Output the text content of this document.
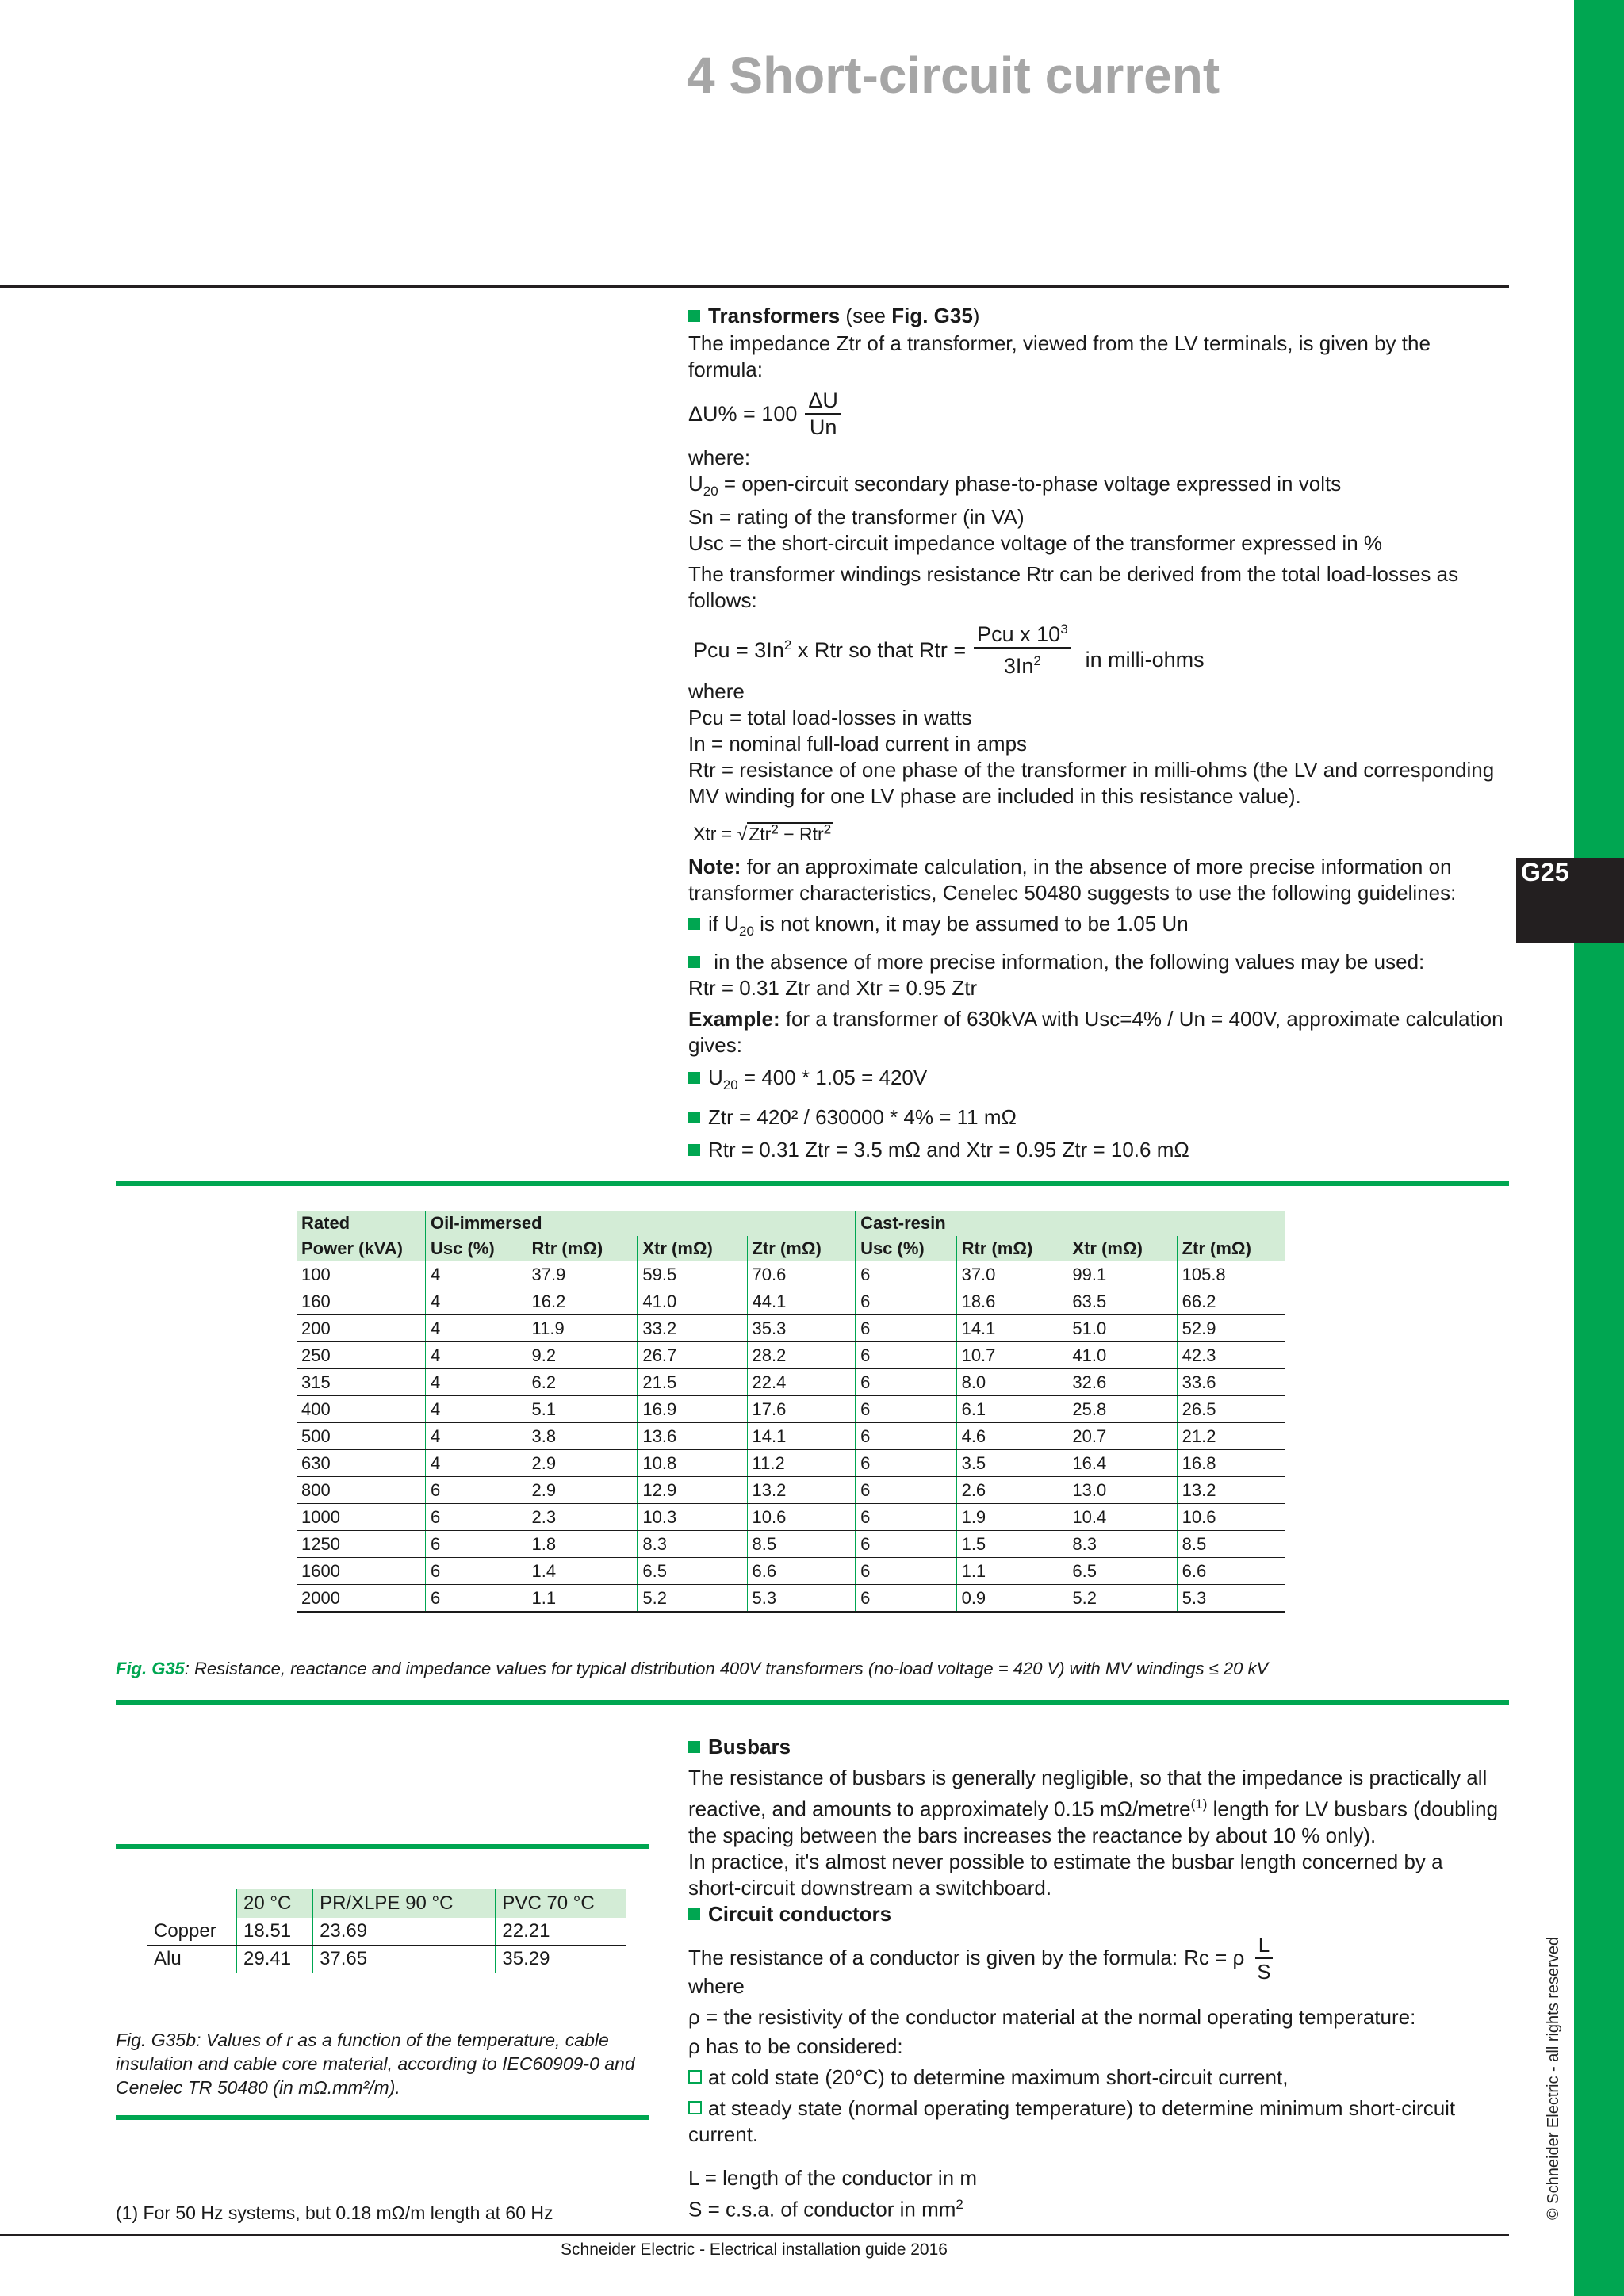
G25
© Schneider Electric - all rights reserved
4 Short-circuit current

Transformers (see Fig. G35)

The impedance Ztr of a transformer, viewed from the LV terminals, is given by the formula:

$\Delta U\% = 100 \frac{\Delta U}{Un}$

where:

$U_{20}$ = open-circuit secondary phase-to-phase voltage expressed in volts

Sn = rating of the transformer (in VA)

Usc = the short-circuit impedance voltage of the transformer expressed in %

The transformer windings resistance Rtr can be derived from the total load-losses as follows:

Pcu = $3In^2$ x Rtr so that Rtr = $\frac{Pcu x 10^3}{3In^2}$ in milli-ohms

where

Pcu = total load-losses in watts

In = nominal full-load current in amps

Rtr = resistance of one phase of the transformer in milli-ohms (the LV and corresponding MV winding for one LV phase are included in this resistance value).

Xtr = √Ztr$^2$ − Rtr$^2$

Note: for an approximate calculation, in the absence of more precise information on transformer characteristics, Cenelec 50480 suggests to use the following guidelines:

if $U_{20}$ is not known, it may be assumed to be 1.05 Un

in the absence of more precise information, the following values may be used:

Rtr = 0.31 Ztr and Xtr = 0.95 Ztr

Example: for a transformer of 630kVA with Usc=4% / Un = 400V, approximate calculation gives:

$U_{20} = 400 * 1.05 = 420V$

Ztr = 420² / 630000 * 4% = 11 mΩ

Rtr = 0.31 Ztr = 3.5 mΩ and Xtr = 0.95 Ztr = 10.6 mΩ

Rated	Oil-immersed				Cast-resin			
Power (kVA)	Usc (%)	Rtr (mΩ)	Xtr (mΩ)	Ztr (mΩ)	Usc (%)	Rtr (mΩ)	Xtr (mΩ)	Ztr (mΩ)
100	4	37.9	59.5	70.6	6	37.0	99.1	105.8
160	4	16.2	41.0	44.1	6	18.6	63.5	66.2
200	4	11.9	33.2	35.3	6	14.1	51.0	52.9
250	4	9.2	26.7	28.2	6	10.7	41.0	42.3
315	4	6.2	21.5	22.4	6	8.0	32.6	33.6
400	4	5.1	16.9	17.6	6	6.1	25.8	26.5
500	4	3.8	13.6	14.1	6	4.6	20.7	21.2
630	4	2.9	10.8	11.2	6	3.5	16.4	16.8
800	6	2.9	12.9	13.2	6	2.6	13.0	13.2
1000	6	2.3	10.3	10.6	6	1.9	10.4	10.6
1250	6	1.8	8.3	8.5	6	1.5	8.3	8.5
1600	6	1.4	6.5	6.6	6	1.1	6.5	6.6
2000	6	1.1	5.2	5.3	6	0.9	5.2	5.3
Fig. G35: Resistance, reactance and impedance values for typical distribution 400V transformers (no-load voltage = 420 V) with MV windings ≤ 20 kV

Busbars

The resistance of busbars is generally negligible, so that the impedance is practically all reactive, and amounts to approximately 0.15 mΩ/metre$^{(1)}$ length for LV busbars (doubling the spacing between the bars increases the reactance by about 10 % only).

In practice, it's almost never possible to estimate the busbar length concerned by a short-circuit downstream a switchboard.

Circuit conductors

The resistance of a conductor is given by the formula: Rc = ρ $\frac{L}{S}$

where

ρ = the resistivity of the conductor material at the normal operating temperature:

ρ has to be considered:

at cold state (20°C) to determine maximum short-circuit current,

at steady state (normal operating temperature) to determine minimum short-circuit current.

L = length of the conductor in m

S = c.s.a. of conductor in $mm^2$

	20 °C	PR/XLPE 90 °C	PVC 70 °C
Copper	18.51	23.69	22.21
Alu	29.41	37.65	35.29
Fig. G35b: Values of r as a function of the temperature, cable insulation and cable core material, according to IEC60909-0 and Cenelec TR 50480 (in mΩ.mm²/m).
(1) For 50 Hz systems, but 0.18 mΩ/m length at 60 Hz
Schneider Electric - Electrical installation guide 2016
